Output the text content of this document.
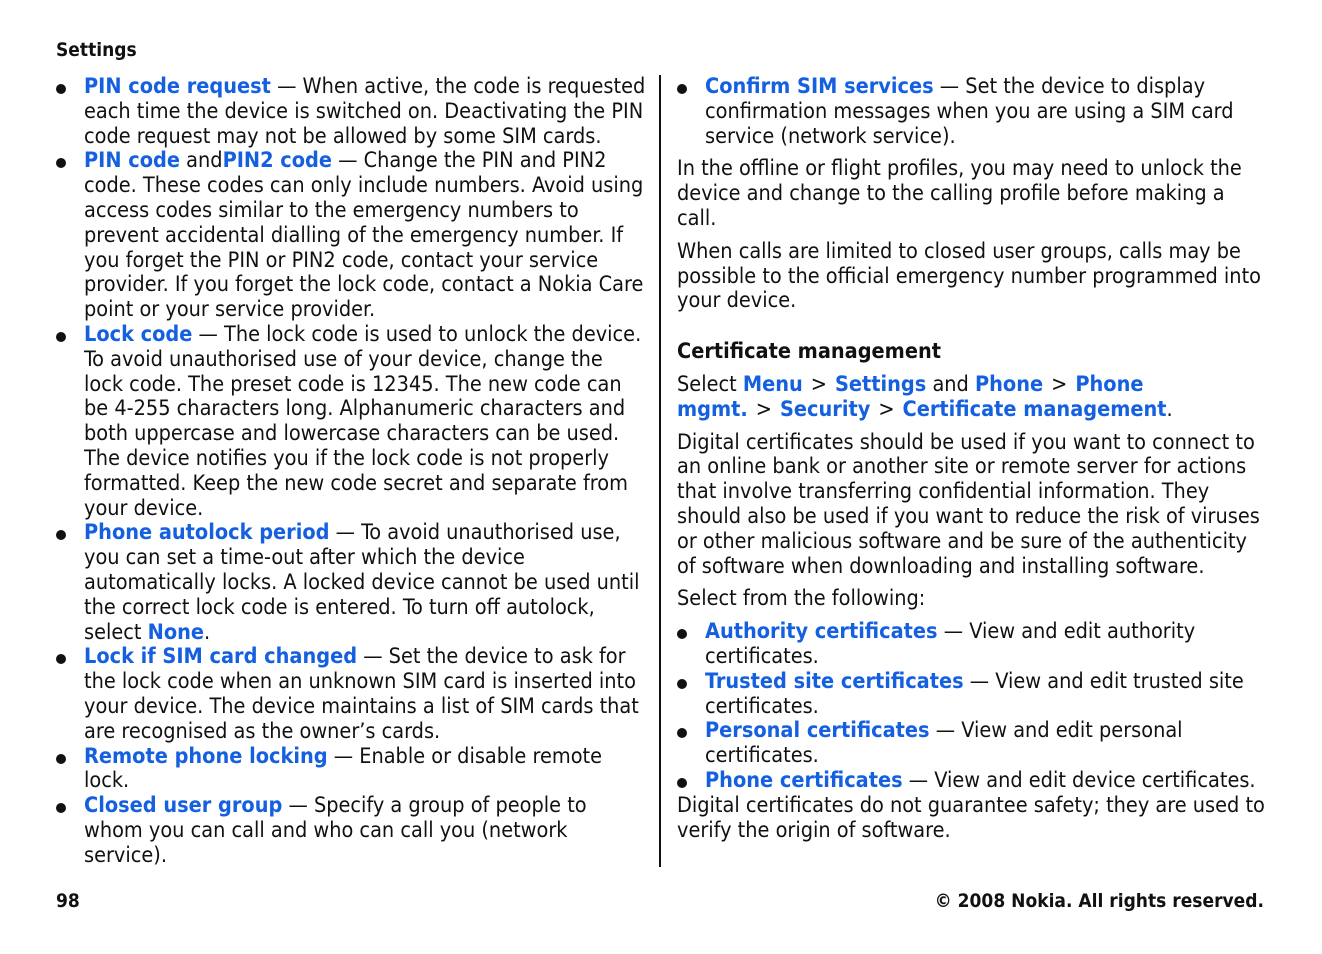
Settings
PIN code request — When active, the code is requested each time the device is switched on. Deactivating the PIN code request may not be allowed by some SIM cards.
PIN code andPIN2 code — Change the PIN and PIN2 code. These codes can only include numbers. Avoid using access codes similar to the emergency numbers to prevent accidental dialling of the emergency number. If you forget the PIN or PIN2 code, contact your service provider. If you forget the lock code, contact a Nokia Care point or your service provider.
Lock code — The lock code is used to unlock the device. To avoid unauthorised use of your device, change the lock code. The preset code is 12345. The new code can be 4-255 characters long. Alphanumeric characters and both uppercase and lowercase characters can be used. The device notifies you if the lock code is not properly formatted. Keep the new code secret and separate from your device.
Phone autolock period — To avoid unauthorised use, you can set a time-out after which the device automatically locks. A locked device cannot be used until the correct lock code is entered. To turn off autolock, select None.
Lock if SIM card changed — Set the device to ask for the lock code when an unknown SIM card is inserted into your device. The device maintains a list of SIM cards that are recognised as the owner’s cards.
Remote phone locking — Enable or disable remote lock.
Closed user group — Specify a group of people to whom you can call and who can call you (network service).
Confirm SIM services — Set the device to display confirmation messages when you are using a SIM card service (network service).

In the offline or flight profiles, you may need to unlock the device and change to the calling profile before making a call.

When calls are limited to closed user groups, calls may be possible to the official emergency number programmed into your device.

Certificate management

Select Menu > Settings and Phone > Phone mgmt. > Security > Certificate management.

Digital certificates should be used if you want to connect to an online bank or another site or remote server for actions that involve transferring confidential information. They should also be used if you want to reduce the risk of viruses or other malicious software and be sure of the authenticity of software when downloading and installing software.

Select from the following:

Authority certificates — View and edit authority certificates.
Trusted site certificates — View and edit trusted site certificates.
Personal certificates — View and edit personal certificates.
Phone certificates — View and edit device certificates.

Digital certificates do not guarantee safety; they are used to verify the origin of software.

98	© 2008 Nokia. All rights reserved.
